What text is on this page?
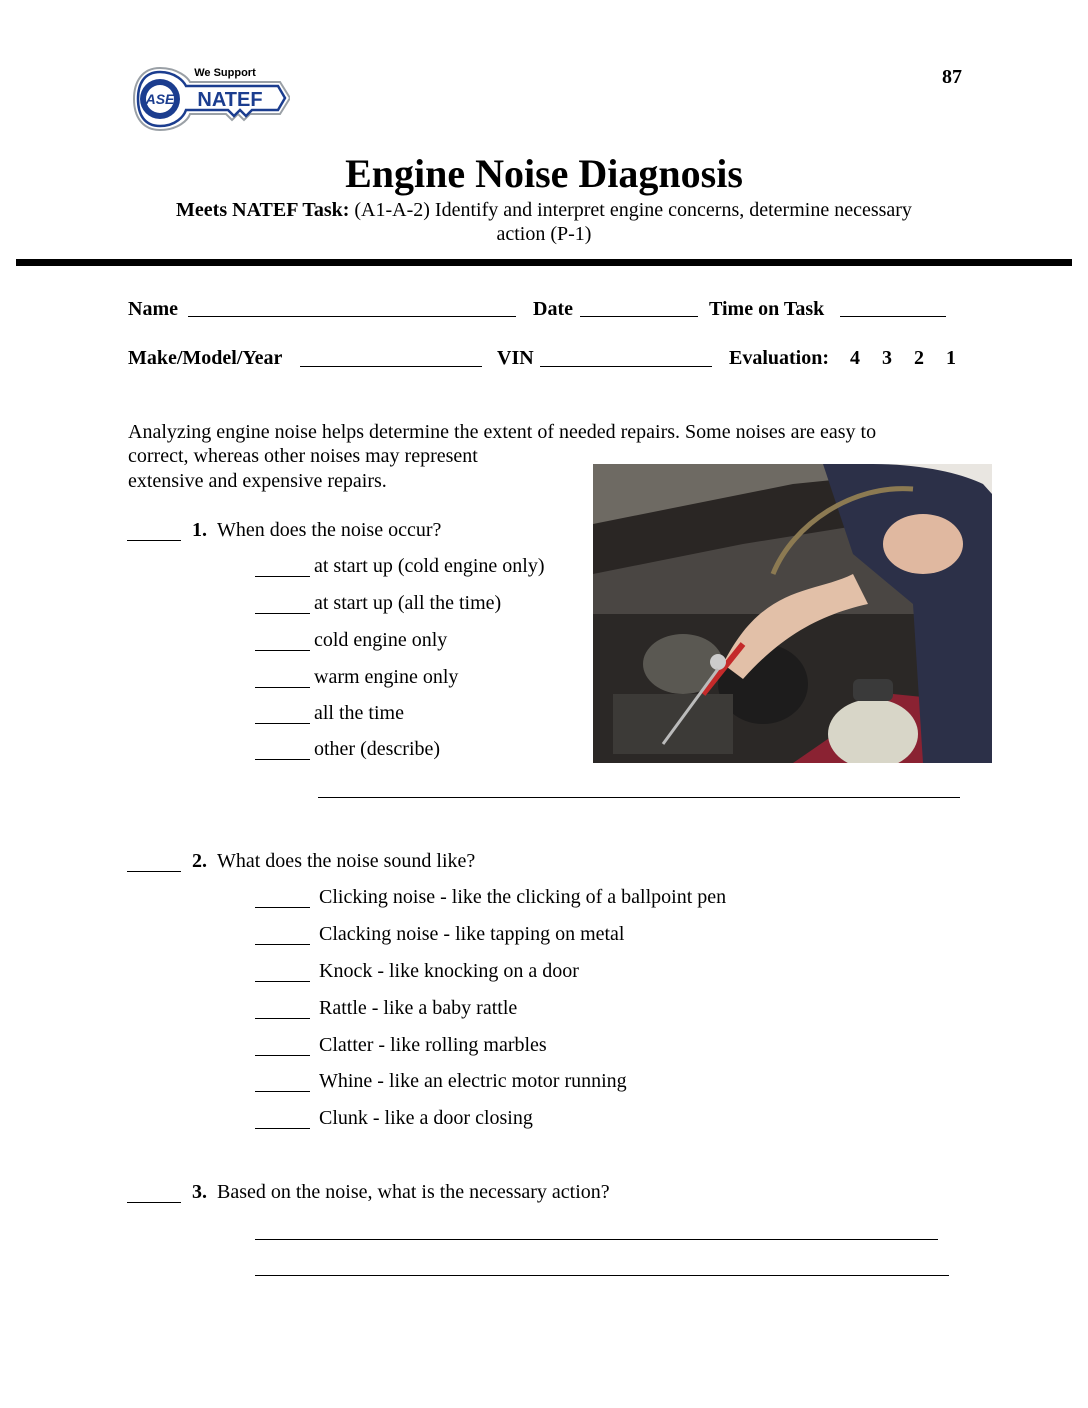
ASE
We Support
NATEF
87
Engine Noise Diagnosis
Meets NATEF Task: (A1-A-2) Identify and interpret engine concerns, determine necessary
action (P-1)
Name	Date	Time on Task
Make/Model/Year	VIN	Evaluation: 4 3 2 1
Analyzing engine noise helps determine the extent of needed repairs. Some noises are easy to
correct, whereas other noises may represent
extensive and expensive repairs.
1. When does the noise occur?
at start up (cold engine only)
at start up (all the time)
cold engine only
warm engine only
all the time
other (describe)
2. What does the noise sound like?
Clicking noise - like the clicking of a ballpoint pen
Clacking noise - like tapping on metal
Knock - like knocking on a door
Rattle - like a baby rattle
Clatter - like rolling marbles
Whine - like an electric motor running
Clunk - like a door closing
3. Based on the noise, what is the necessary action?
